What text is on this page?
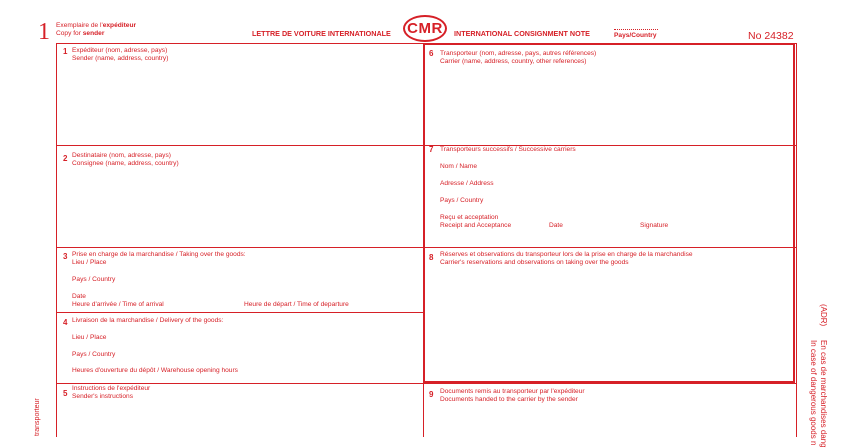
1 Exemplaire de l'expéditeur
Copy for sender	LETTRE DE VOITURE INTERNATIONALE CMR	INTERNATIONAL CONSIGNMENT NOTE	Pays/Country	No 24382
1 Expéditeur (nom, adresse, pays)
Sender (name, address, country)
2 Destinataire (nom, adresse, pays)
Consignee (name, address, country)
3 Prise en charge de la marchandise / Taking over the goods:
Lieu / Place
Pays / Country
Date
Heure d'arrivée / Time of arrival	Heure de départ / Time of departure
4 Livraison de la marchandise / Delivery of the goods:
Lieu / Place
Pays / Country
Heures d'ouverture du dépôt / Warehouse opening hours
5
Instructions de l'expéditeur
Sender's instructions
6 Transporteur (nom, adresse, pays, autres références)
Carrier (name, address, country, other references)
7 Transporteurs successifs / Successive carriers
Nom / Name
Adresse / Address
Pays / Country
Reçu et acceptation
Receipt and Acceptance	Date	Signature
8 Réserves et observations du transporteur lors de la prise en charge de la marchandise
Carrier's reservations and observations on taking over the goods
9 Documents remis au transporteur par l'expéditeur
Documents handed to the carrier by the sender
(ADR)
En cas de marchandises dang
In case of dangerous goods n
transporteur
